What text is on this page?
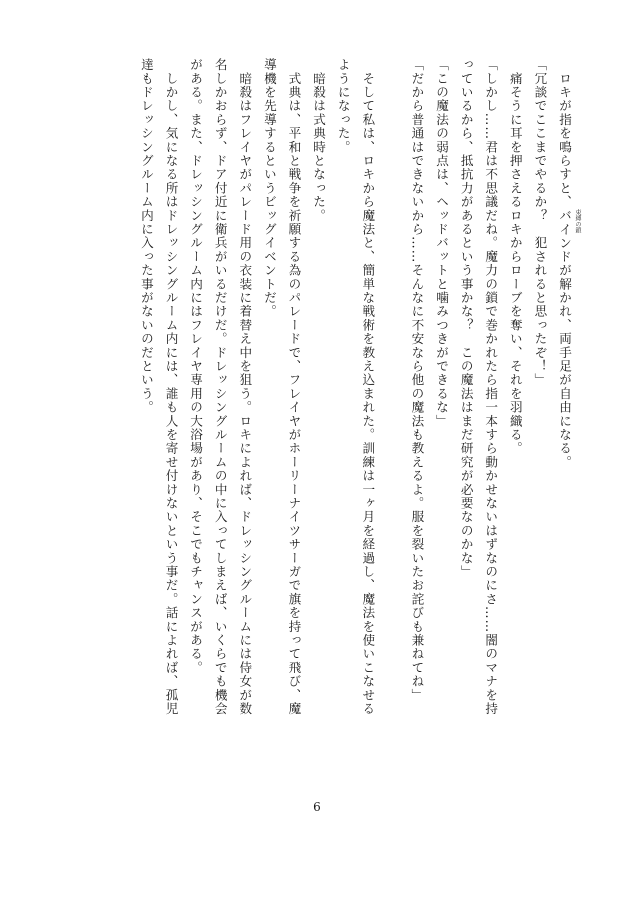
　ロキが指を鳴らすと、バインド 束縛の鎖
が解かれ、両手足が自由になる。
「冗談でここまでやるか？　犯されると思ったぞ！」
　痛そうに耳を押さえるロキからローブを奪い、それを羽織る。
「しかし……君は不思議だね。魔力の鎖で巻かれたら指一本すら動かせないはずなのにさ……闇のマナを持
っているから、抵抗力があるという事かな？　この魔法はまだ研究が必要なのかな」
「この魔法の弱点は、ヘッドバットと噛みつきができるな」
「だから普通はできないから……そんなに不安なら他の魔法も教えるよ。服を裂いたお詫びも兼ねてね」

　そして私は、ロキから魔法と、簡単な戦術を教え込まれた。訓練は一ヶ月を経過し、魔法を使いこなせる
ようになった。
　暗殺は式典時となった。
　式典は、平和と戦争を祈願する為のパレードで、フレイヤがホーリーナイツサーガで旗を持って飛び、魔
導機を先導するというビッグイベントだ。
　暗殺はフレイヤがパレード用の衣装に着替え中を狙う。ロキによれば、ドレッシングルームには侍女が数
名しかおらず、ドア付近に衛兵がいるだけだ。ドレッシングルームの中に入ってしまえば、いくらでも機会
がある。また、ドレッシングルーム内にはフレイヤ専用の大浴場があり、そこでもチャンスがある。
　しかし、気になる所はドレッシングルーム内には、誰も人を寄せ付けないという事だ。話によれば、孤児
達もドレッシングルーム内に入った事がないのだという。
6
